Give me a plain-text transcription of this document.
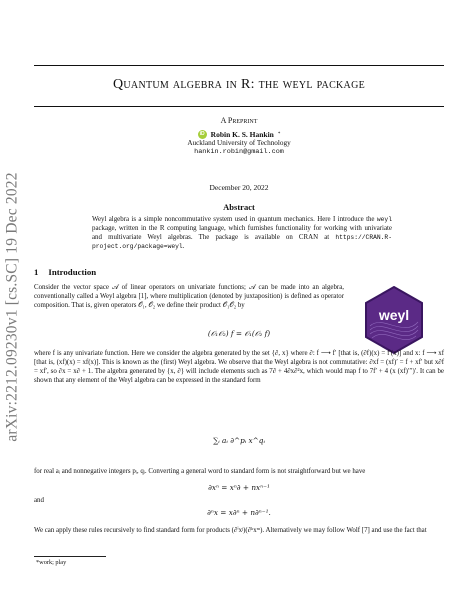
arXiv:2212.09230v1 [cs.SC] 19 Dec 2022
Quantum algebra in R: the weyl package
A Preprint
iD Robin K. S. Hankin *
Auckland University of Technology
hankin.robin@gmail.com
December 20, 2022
Abstract
Weyl algebra is a simple noncommutative system used in quantum mechanics. Here I introduce the weyl package, written in the R computing language, which furnishes functionality for working with univariate and multivariate Weyl algebras. The package is available on CRAN at https://CRAN.R-project.org/package=weyl.
1 Introduction
Consider the vector space 𝒜 of linear operators on univariate functions; 𝒜 can be made into an algebra, conventionally called a Weyl algebra [1], where multiplication (denoted by juxtaposition) is defined as operator composition. That is, given operators 𝒪₁, 𝒪₂ we define their product 𝒪₁𝒪₂ by
weyl
(𝒪₁𝒪₂) f = 𝒪₁(𝒪₂ f)
where f is any univariate function. Here we consider the algebra generated by the set {∂, x} where ∂: f ⟶ f′ [that is, (∂f)(x) = f′(x)] and x: f ⟶ xf [that is, (xf)(x) = xf(x)]. This is known as the (first) Weyl algebra. We observe that the Weyl algebra is not commutative: ∂xf = (xf)′ = f + xf′ but x∂f = xf′, so ∂x = x∂ + 1. The algebra generated by {x, ∂} will include elements such as 7∂ + 4∂x∂²x, which would map f to 7f′ + 4 (x (xf)′′′)′. It can be shown that any element of the Weyl algebra can be expressed in the standard form
∑ᵢ aᵢ ∂^pᵢ x^qᵢ
for real aᵢ and nonnegative integers pᵢ, qᵢ. Converting a general word to standard form is not straightforward but we have
∂xⁿ = xⁿ∂ + nxⁿ⁻¹
and
∂ⁿx = x∂ⁿ + n∂ⁿ⁻¹.
We can apply these rules recursively to find standard form for products (∂ⁱxʲ)(∂ᵏxᵐ). Alternatively we may follow Wolf [7] and use the fact that
*work; play
